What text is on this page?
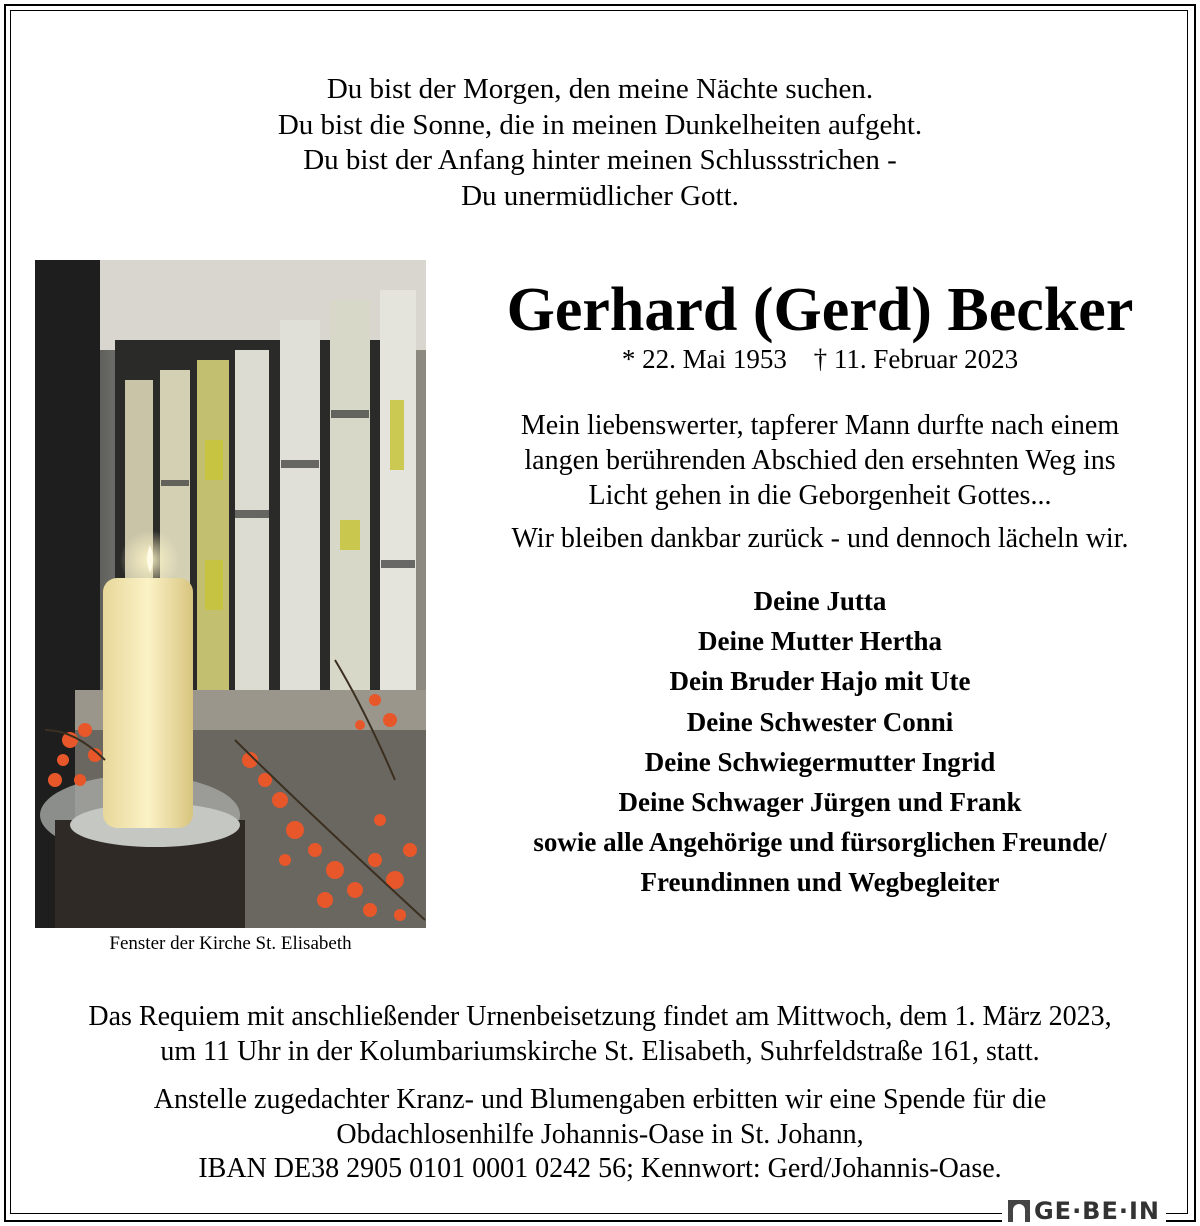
Du bist der Morgen, den meine Nächte suchen.
Du bist die Sonne, die in meinen Dunkelheiten aufgeht.
Du bist der Anfang hinter meinen Schlussstrichen -
Du unermüdlicher Gott.
Fenster der Kirche St. Elisabeth
Gerhard (Gerd) Becker
* 22. Mai 1953 † 11. Februar 2023
Mein liebenswerter, tapferer Mann durfte nach einem
langen berührenden Abschied den ersehnten Weg ins
Licht gehen in die Geborgenheit Gottes...
Wir bleiben dankbar zurück - und dennoch lächeln wir.
Deine Jutta
Deine Mutter Hertha
Dein Bruder Hajo mit Ute
Deine Schwester Conni
Deine Schwiegermutter Ingrid
Deine Schwager Jürgen und Frank
sowie alle Angehörige und fürsorglichen Freunde/
Freundinnen und Wegbegleiter
Das Requiem mit anschließender Urnenbeisetzung findet am Mittwoch, dem 1. März 2023,
um 11 Uhr in der Kolumbariumskirche St. Elisabeth, Suhrfeldstraße 161, statt.
Anstelle zugedachter Kranz- und Blumengaben erbitten wir eine Spende für die
Obdachlosenhilfe Johannis-Oase in St. Johann,
IBAN DE38 2905 0101 0001 0242 56; Kennwort: Gerd/Johannis-Oase.
GE·BE·IN
